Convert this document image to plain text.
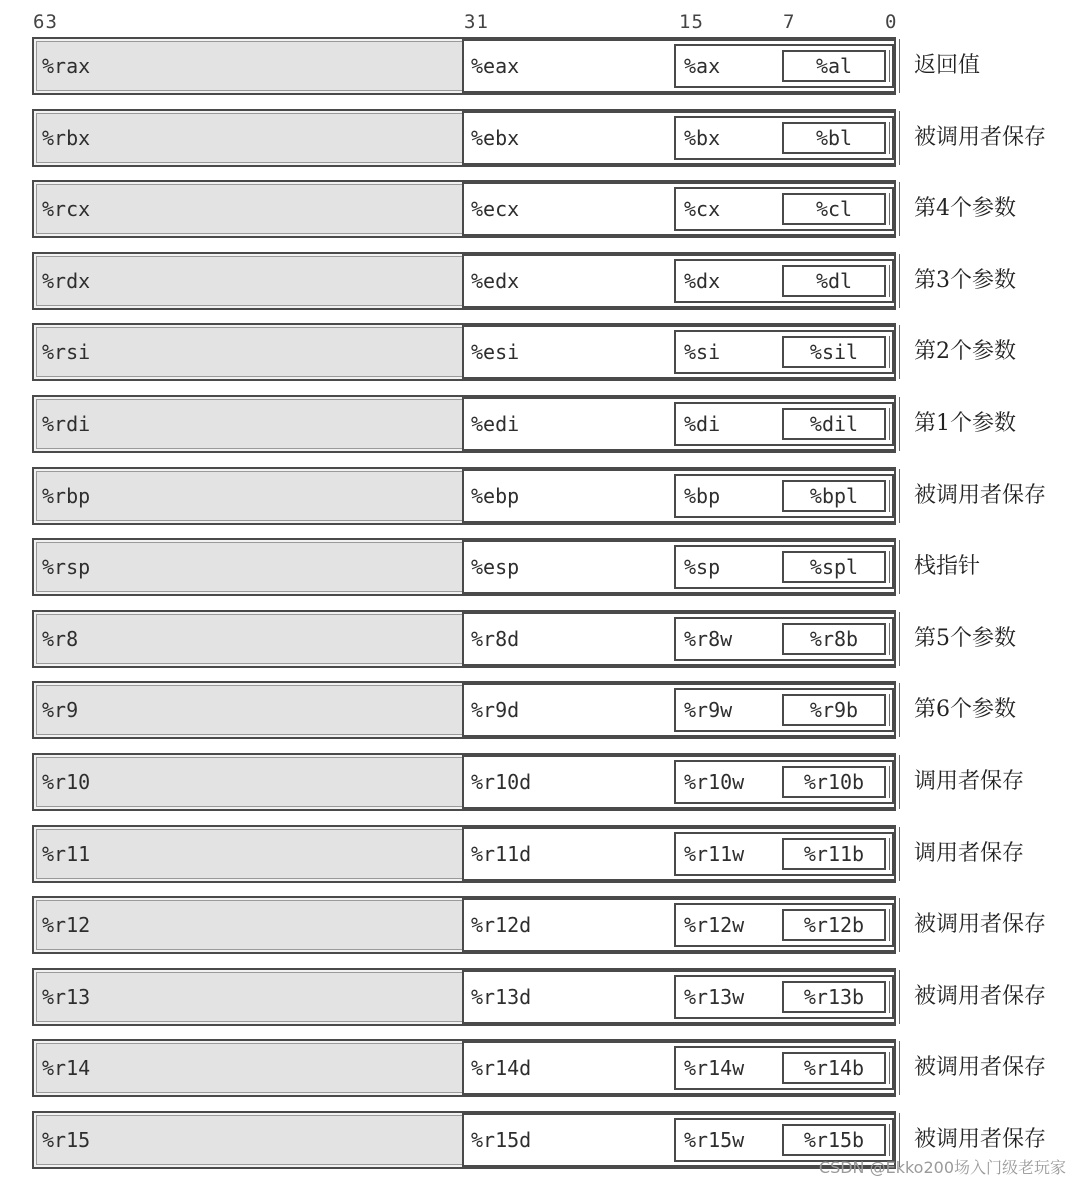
63	31	15	7	0
%rax	%eax	%ax	%al	返回值
%rbx	%ebx	%bx	%bl	被调用者保存
%rcx	%ecx	%cx	%cl	第4个参数
%rdx	%edx	%dx	%dl	第3个参数
%rsi	%esi	%si	%sil	第2个参数
%rdi	%edi	%di	%dil	第1个参数
%rbp	%ebp	%bp	%bpl	被调用者保存
%rsp	%esp	%sp	%spl	栈指针
%r8	%r8d	%r8w	%r8b	第5个参数
%r9	%r9d	%r9w	%r9b	第6个参数
%r10	%r10d	%r10w	%r10b	调用者保存
%r11	%r11d	%r11w	%r11b	调用者保存
%r12	%r12d	%r12w	%r12b	被调用者保存
%r13	%r13d	%r13w	%r13b	被调用者保存
%r14	%r14d	%r14w	%r14b	被调用者保存
%r15	%r15d	%r15w	%r15b	被调用者保存
CSDN @Ekko200场入门级老玩家
